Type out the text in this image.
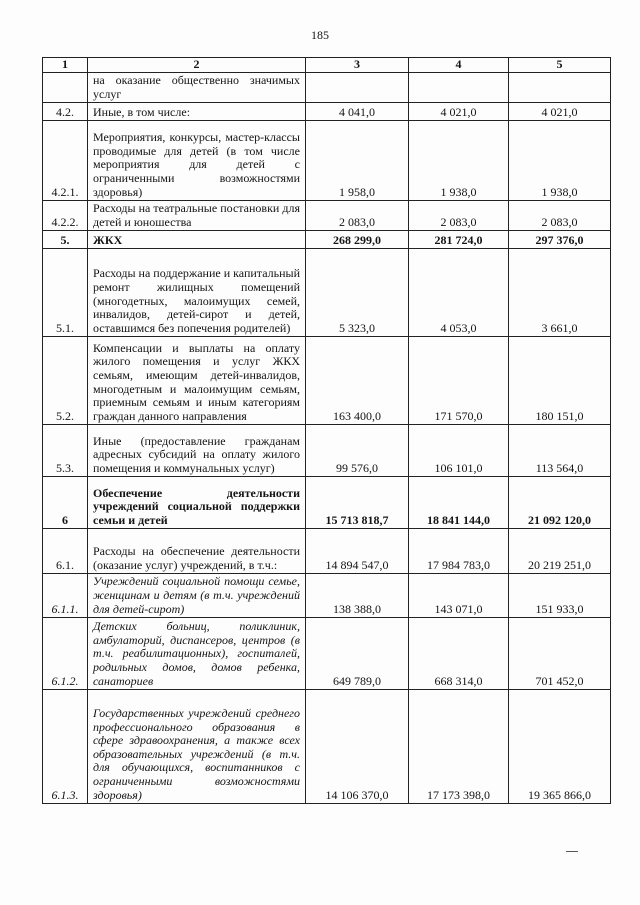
185
1	2	3	4	5
	на оказание общественно значимых услуг			
4.2.	Иные, в том числе:	4 041,0	4 021,0	4 021,0
4.2.1.	Мероприятия, конкурсы, мастер-классы проводимые для детей (в том числе мероприятия для детей с ограниченными возможностями здоровья)	1 958,0	1 938,0	1 938,0
4.2.2.	Расходы на театральные постановки для детей и юношества	2 083,0	2 083,0	2 083,0
5.	ЖКХ	268 299,0	281 724,0	297 376,0
5.1.	Расходы на поддержание и капитальный ремонт жилищных помещений (многодетных, малоимущих семей, инвалидов, детей-сирот и детей, оставшимся без попечения родителей)	5 323,0	4 053,0	3 661,0
5.2.	Компенсации и выплаты на оплату жилого помещения и услуг ЖКХ семьям, имеющим детей-инвалидов, многодетным и малоимущим семьям, приемным семьям и иным категориям граждан данного направления	163 400,0	171 570,0	180 151,0
5.3.	Иные (предоставление гражданам адресных субсидий на оплату жилого помещения и коммунальных услуг)	99 576,0	106 101,0	113 564,0
6	Обеспечение деятельности учреждений социальной поддержки семьи и детей	15 713 818,7	18 841 144,0	21 092 120,0
6.1.	Расходы на обеспечение деятельности (оказание услуг) учреждений, в т.ч.:	14 894 547,0	17 984 783,0	20 219 251,0
6.1.1.	Учреждений социальной помощи семье, женщинам и детям (в т.ч. учреждений для детей-сирот)	138 388,0	143 071,0	151 933,0
6.1.2.	Детских больниц, поликлиник, амбулаторий, диспансеров, центров (в т.ч. реабилитационных), госпиталей, родильных домов, домов ребенка, санаториев	649 789,0	668 314,0	701 452,0
6.1.3.	Государственных учреждений среднего профессионального образования в сфере здравоохранения, а также всех образовательных учреждений (в т.ч. для обучающихся, воспитанников с ограниченными возможностями здоровья)	14 106 370,0	17 173 398,0	19 365 866,0
